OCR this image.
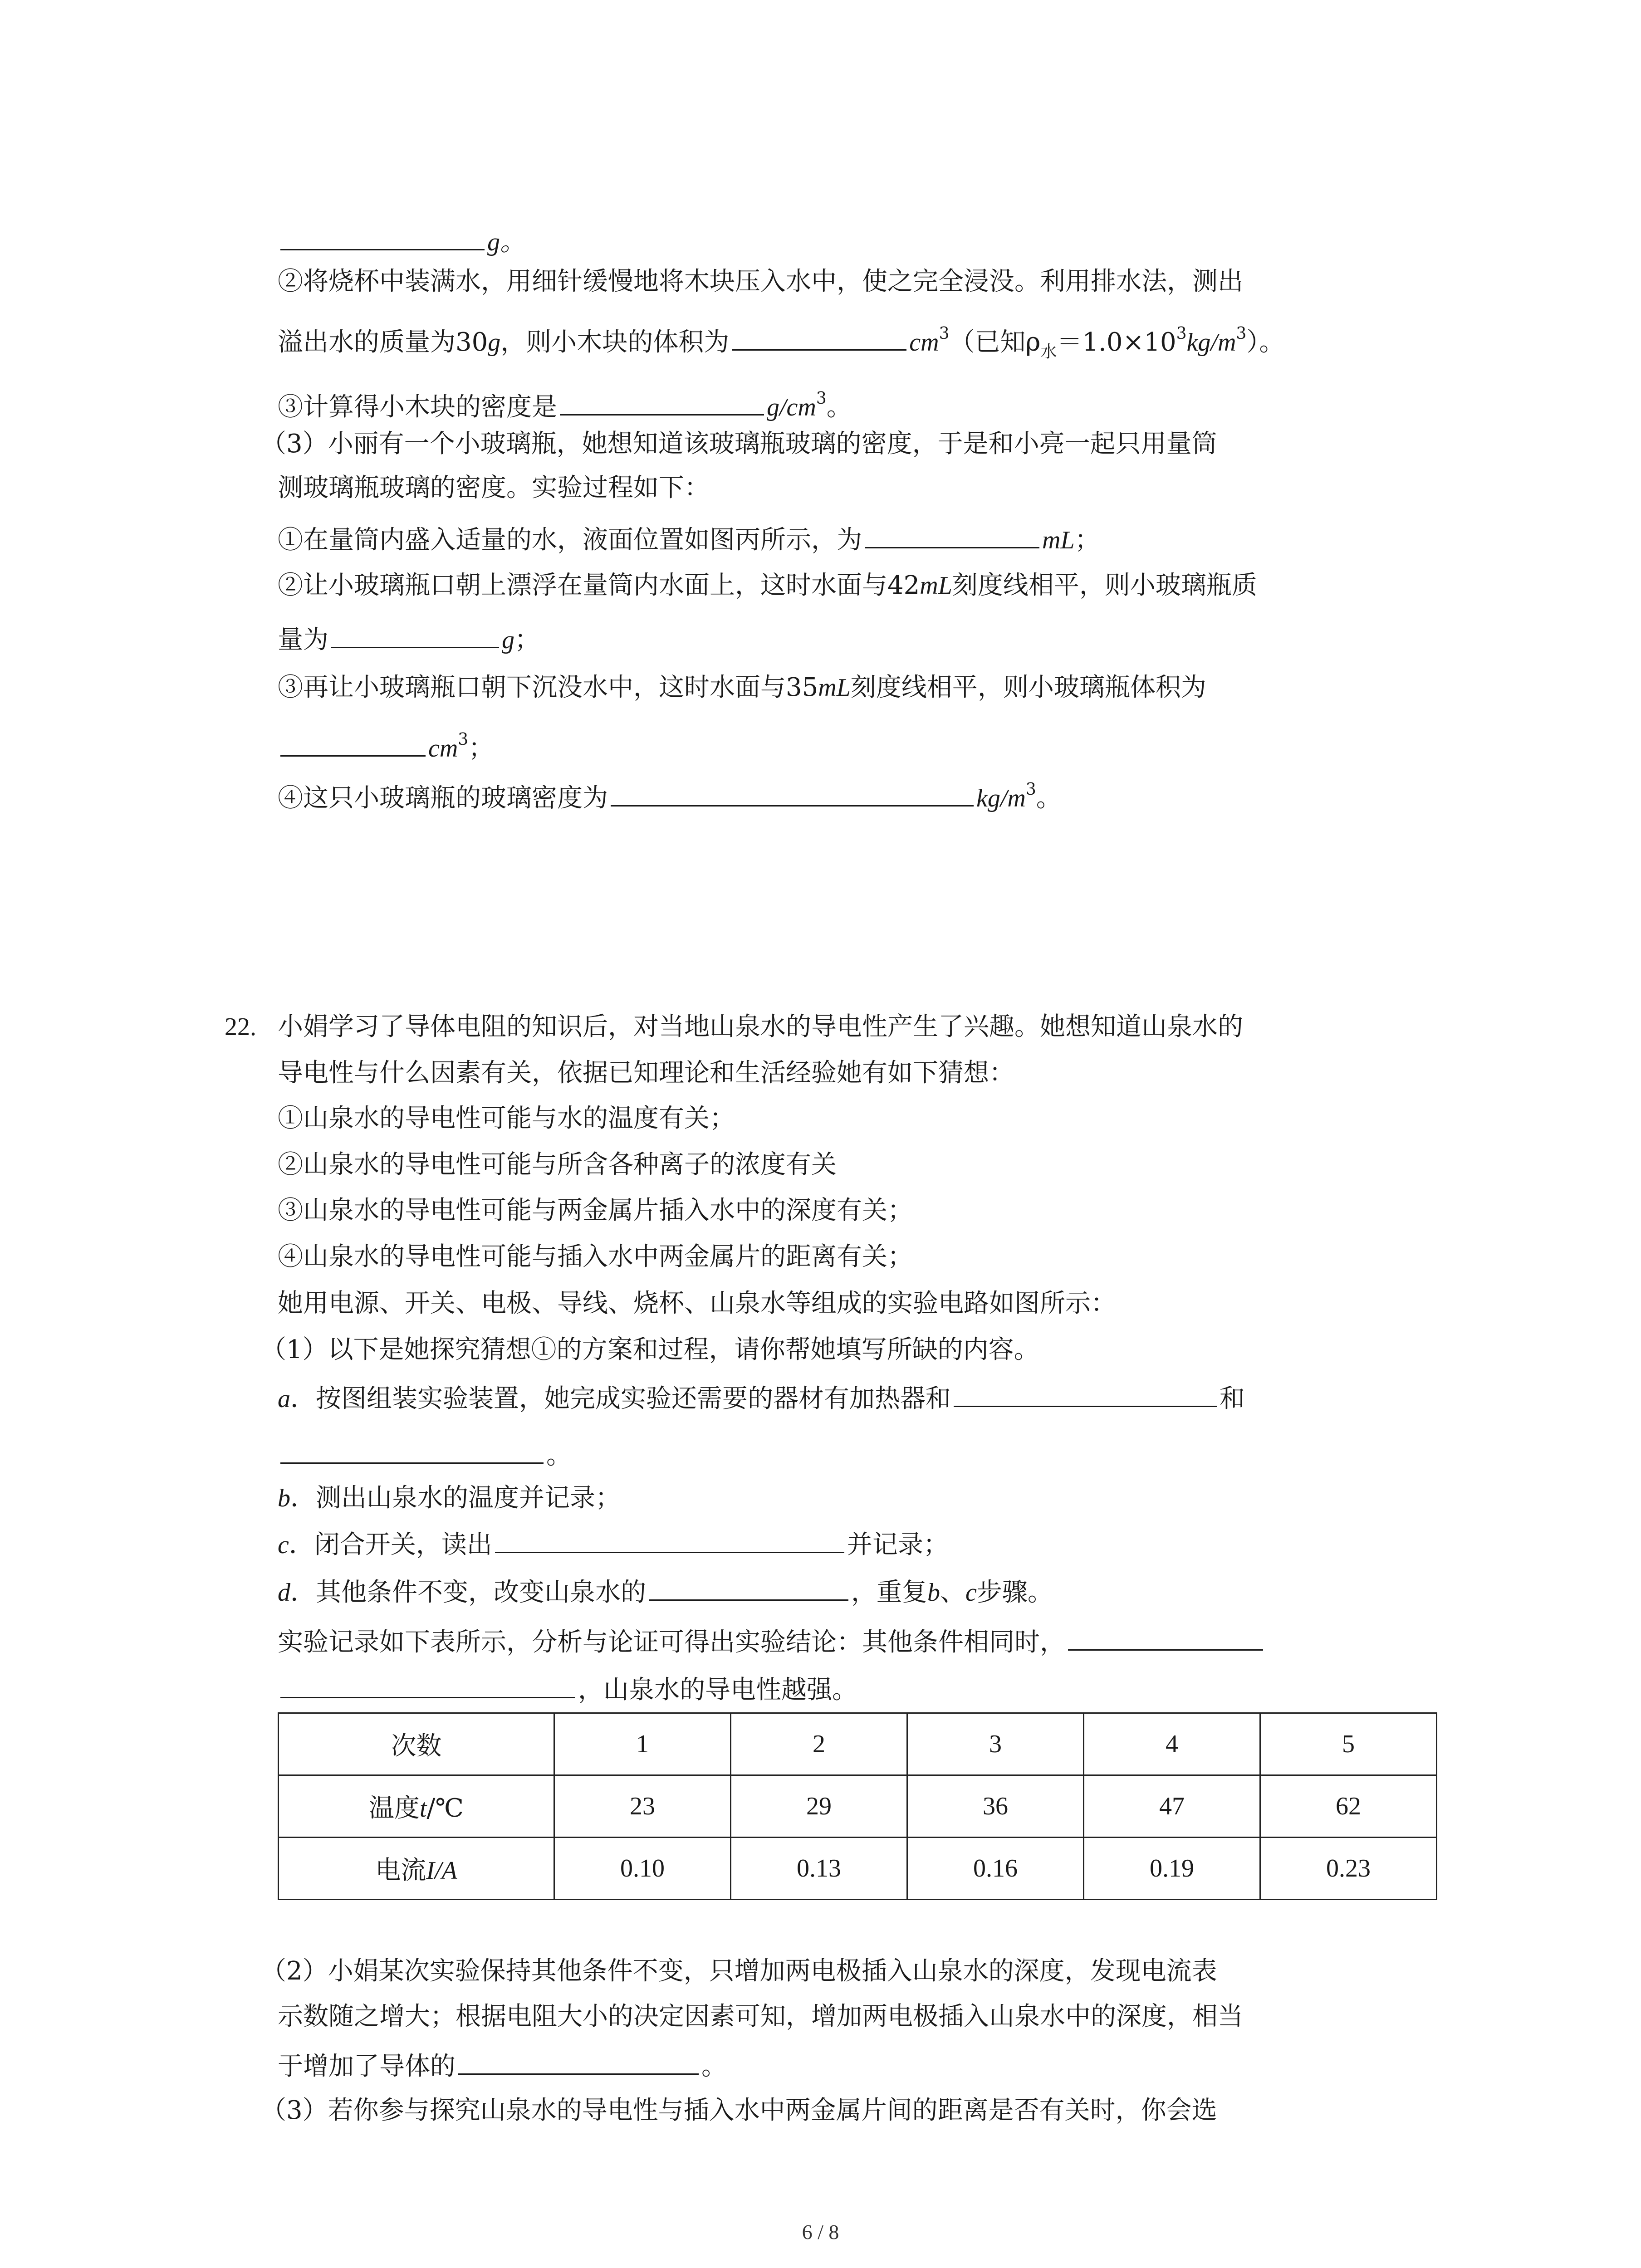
g。
②将烧杯中装满水，用细针缓慢地将木块压入水中，使之完全浸没。利用排水法，测出
溢出水的质量为30g，则小木块的体积为	$cm^3$（已知$\rho_水=1.0\times 10^3kg/m^3$）。
③计算得小木块的密度是	$g/cm^3$。
（3）小丽有一个小玻璃瓶，她想知道该玻璃瓶玻璃的密度，于是和小亮一起只用量筒
测玻璃瓶玻璃的密度。实验过程如下：
①在量筒内盛入适量的水，液面位置如图丙所示，为	mL；
②让小玻璃瓶口朝上漂浮在量筒内水面上，这时水面与42mL刻度线相平，则小玻璃瓶质
量为	g；
③再让小玻璃瓶口朝下沉没水中，这时水面与35mL刻度线相平，则小玻璃瓶体积为
$cm^3$；
④这只小玻璃瓶的玻璃密度为	$kg/m^3$。
22. 小娟学习了导体电阻的知识后，对当地山泉水的导电性产生了兴趣。她想知道山泉水的
导电性与什么因素有关，依据已知理论和生活经验她有如下猜想：
①山泉水的导电性可能与水的温度有关；
②山泉水的导电性可能与所含各种离子的浓度有关
③山泉水的导电性可能与两金属片插入水中的深度有关；
④山泉水的导电性可能与插入水中两金属片的距离有关；
她用电源、开关、电极、导线、烧杯、山泉水等组成的实验电路如图所示：
（1）以下是她探究猜想①的方案和过程，请你帮她填写所缺的内容。
a．按图组装实验装置，她完成实验还需要的器材有加热器和	和
。
b．测出山泉水的温度并记录；
c．闭合开关，读出	并记录；
d．其他条件不变，改变山泉水的	，重复b、c步骤。
实验记录如下表所示，分析与论证可得出实验结论：其他条件相同时，
，山泉水的导电性越强。
次数	1	2	3	4	5
温度t/℃	23	29	36	47	62
电流I/A	0.10	0.13	0.16	0.19	0.23
（2）小娟某次实验保持其他条件不变，只增加两电极插入山泉水的深度，发现电流表
示数随之增大；根据电阻大小的决定因素可知，增加两电极插入山泉水中的深度，相当
于增加了导体的	。
（3）若你参与探究山泉水的导电性与插入水中两金属片间的距离是否有关时，你会选
6 / 8
